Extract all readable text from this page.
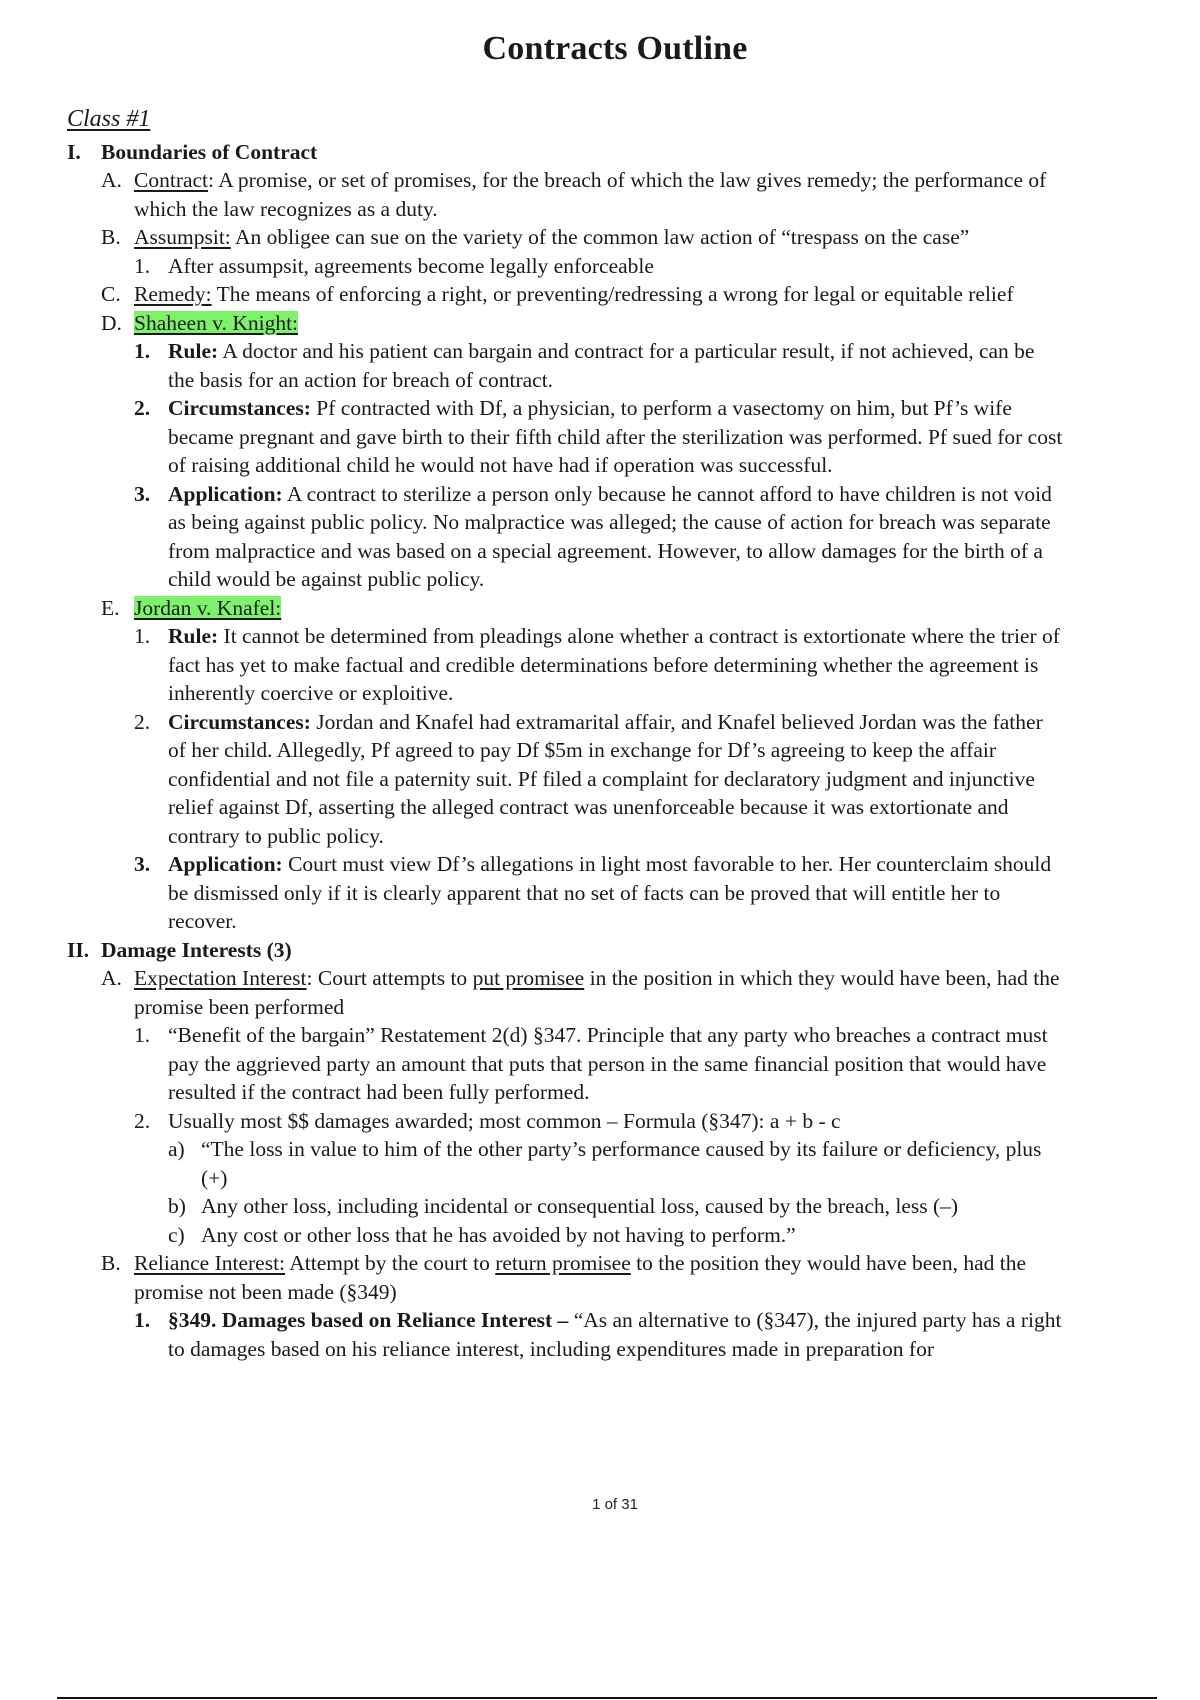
Contracts Outline
Class #1
I. Boundaries of Contract
A. Contract: A promise, or set of promises, for the breach of which the law gives remedy; the performance of which the law recognizes as a duty.
B. Assumpsit: An obligee can sue on the variety of the common law action of “trespass on the case”
1. After assumpsit, agreements become legally enforceable
C. Remedy: The means of enforcing a right, or preventing/redressing a wrong for legal or equitable relief
D. Shaheen v. Knight:
1. Rule: A doctor and his patient can bargain and contract for a particular result, if not achieved, can be the basis for an action for breach of contract.
2. Circumstances: Pf contracted with Df, a physician, to perform a vasectomy on him, but Pf’s wife became pregnant and gave birth to their fifth child after the sterilization was performed. Pf sued for cost of raising additional child he would not have had if operation was successful.
3. Application: A contract to sterilize a person only because he cannot afford to have children is not void as being against public policy. No malpractice was alleged; the cause of action for breach was separate from malpractice and was based on a special agreement. However, to allow damages for the birth of a child would be against public policy.
E. Jordan v. Knafel:
1. Rule: It cannot be determined from pleadings alone whether a contract is extortionate where the trier of fact has yet to make factual and credible determinations before determining whether the agreement is inherently coercive or exploitive.
2. Circumstances: Jordan and Knafel had extramarital affair, and Knafel believed Jordan was the father of her child. Allegedly, Pf agreed to pay Df $5m in exchange for Df’s agreeing to keep the affair confidential and not file a paternity suit. Pf filed a complaint for declaratory judgment and injunctive relief against Df, asserting the alleged contract was unenforceable because it was extortionate and contrary to public policy.
3. Application: Court must view Df’s allegations in light most favorable to her. Her counterclaim should be dismissed only if it is clearly apparent that no set of facts can be proved that will entitle her to recover.
II. Damage Interests (3)
A. Expectation Interest: Court attempts to put promisee in the position in which they would have been, had the promise been performed
1. “Benefit of the bargain” Restatement 2(d) §347. Principle that any party who breaches a contract must pay the aggrieved party an amount that puts that person in the same financial position that would have resulted if the contract had been fully performed.
2. Usually most $$ damages awarded; most common – Formula (§347): a + b - c
a) “The loss in value to him of the other party’s performance caused by its failure or deficiency, plus (+)
b) Any other loss, including incidental or consequential loss, caused by the breach, less (–)
c) Any cost or other loss that he has avoided by not having to perform.”
B. Reliance Interest: Attempt by the court to return promisee to the position they would have been, had the promise not been made (§349)
1. §349. Damages based on Reliance Interest – “As an alternative to (§347), the injured party has a right to damages based on his reliance interest, including expenditures made in preparation for
1 of 31
